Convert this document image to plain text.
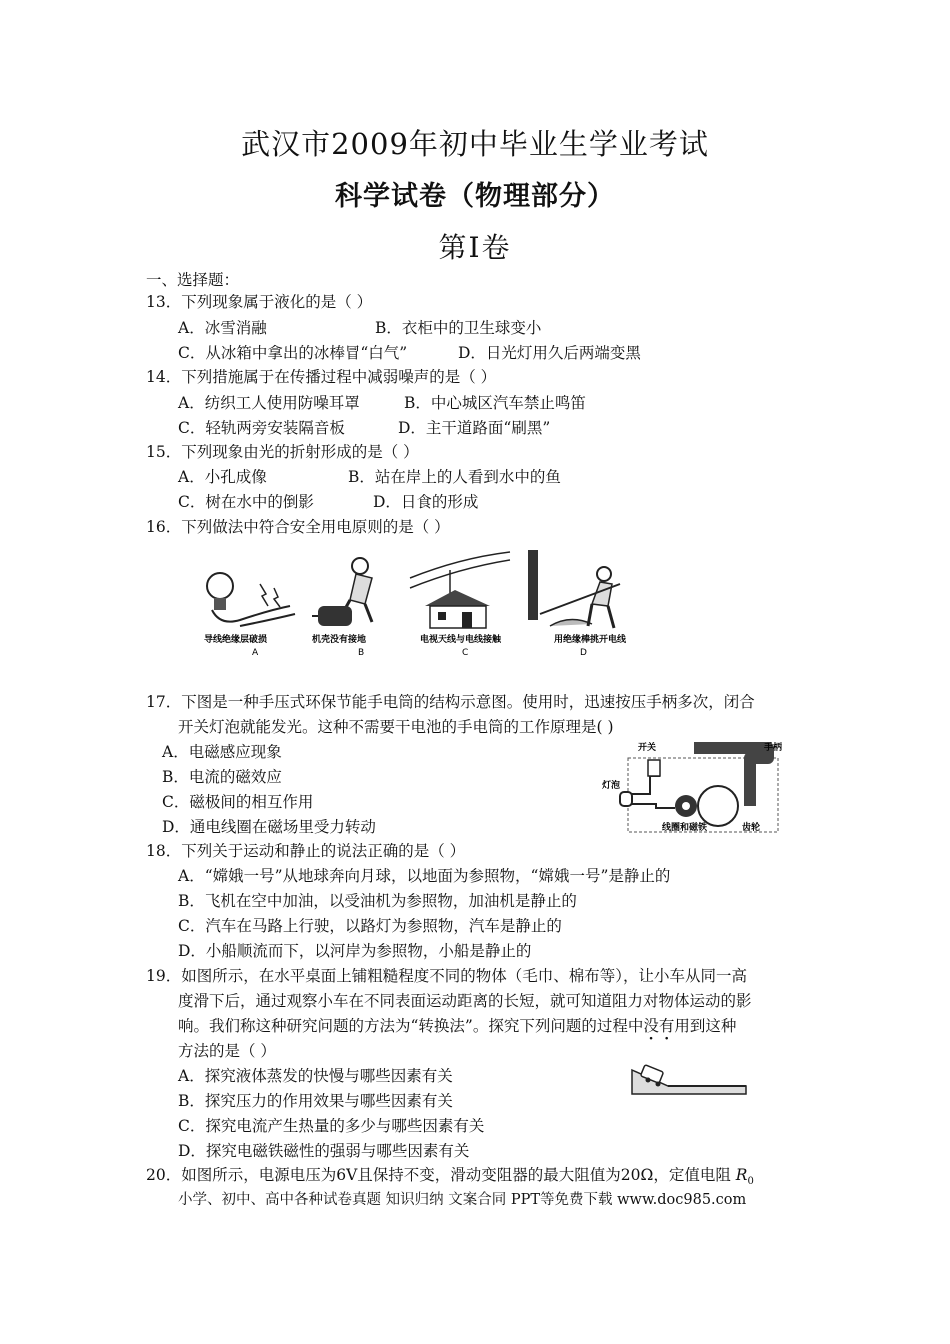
武汉市2009年初中毕业生学业考试
科学试卷（物理部分）
第Ⅰ卷
一、选择题：
13．下列现象属于液化的是（ ）
A．冰雪消融	B．衣柜中的卫生球变小
C．从冰箱中拿出的冰棒冒“白气”	D．日光灯用久后两端变黑
14．下列措施属于在传播过程中减弱噪声的是（ ）
A．纺织工人使用防噪耳罩	B．中心城区汽车禁止鸣笛
C．轻轨两旁安装隔音板	D．主干道路面“刷黑”
15．下列现象由光的折射形成的是（ ）
A．小孔成像	B．站在岸上的人看到水中的鱼
C．树在水中的倒影	D．日食的形成
16．下列做法中符合安全用电原则的是（ ）
导线绝缘层破损
A
机壳没有接地
B
电视天线与电线接触
C
用绝缘棒挑开电线
D
17．下图是一种手压式环保节能手电筒的结构示意图。使用时，迅速按压手柄多次，闭合
开关灯泡就能发光。这种不需要干电池的手电筒的工作原理是( )
A．电磁感应现象
B．电流的磁效应
C．磁极间的相互作用
D．通电线圈在磁场里受力转动
开关	手柄
灯泡
线圈和磁铁	齿轮
18．下列关于运动和静止的说法正确的是（ ）
A．“嫦娥一号”从地球奔向月球，以地面为参照物，“嫦娥一号”是静止的
B．飞机在空中加油，以受油机为参照物，加油机是静止的
C．汽车在马路上行驶，以路灯为参照物，汽车是静止的
D．小船顺流而下，以河岸为参照物，小船是静止的
19．如图所示，在水平桌面上铺粗糙程度不同的物体（毛巾、棉布等），让小车从同一高
度滑下后，通过观察小车在不同表面运动距离的长短，就可知道阻力对物体运动的影
响。我们称这种研究问题的方法为“转换法”。探究下列问题的过程中没有用到这种
方法的是（ ）
A．探究液体蒸发的快慢与哪些因素有关
B．探究压力的作用效果与哪些因素有关
C．探究电流产生热量的多少与哪些因素有关
D．探究电磁铁磁性的强弱与哪些因素有关
20．如图所示，电源电压为6V且保持不变，滑动变阻器的最大阻值为20Ω，定值电阻 $R_0$
小学、初中、高中各种试卷真题 知识归纳 文案合同 PPT等免费下载 www.doc985.com
